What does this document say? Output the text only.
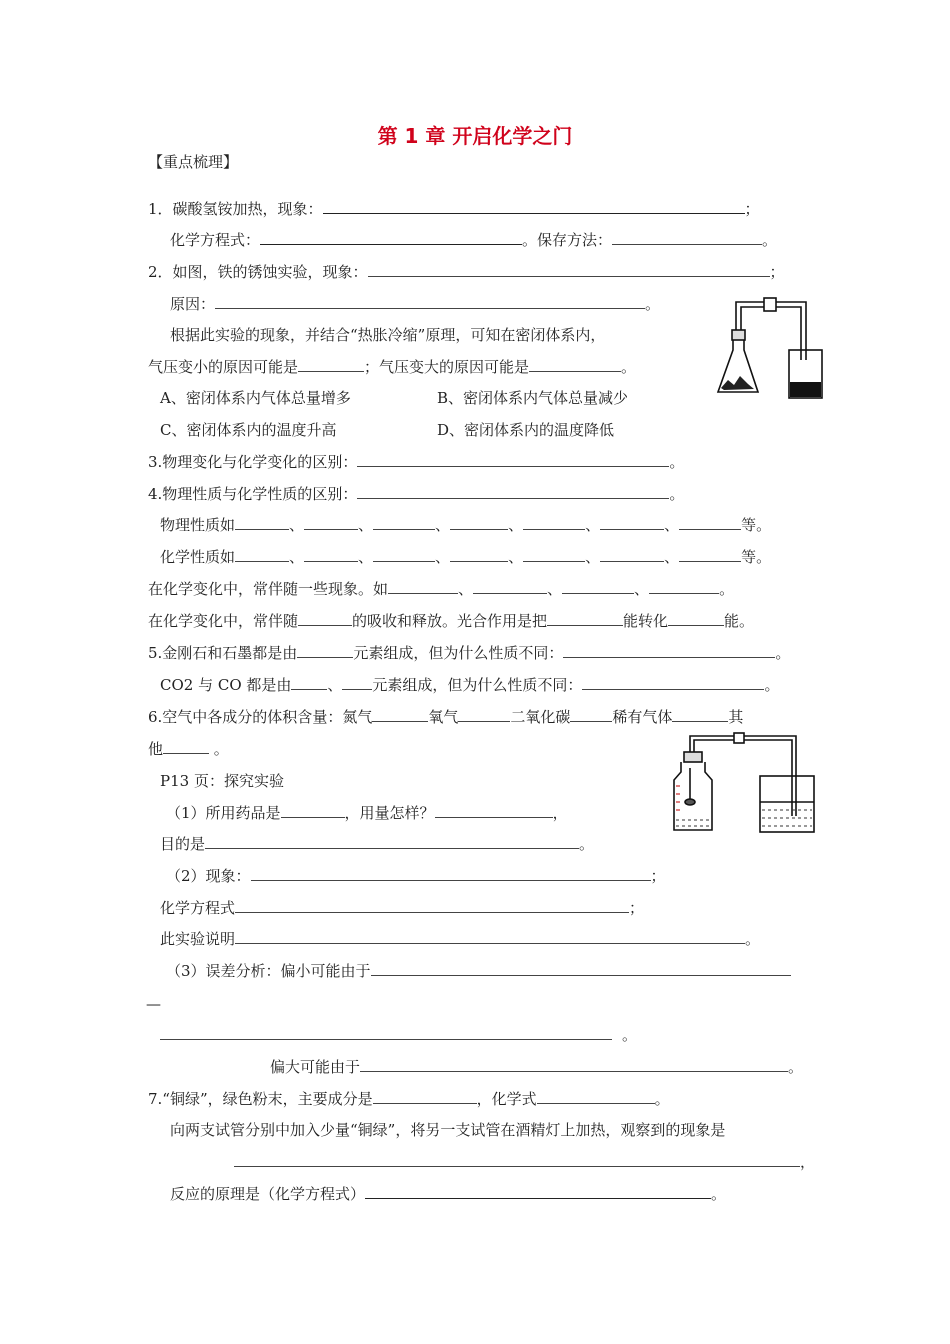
第 1 章 开启化学之门
【重点梳理】
1．碳酸氢铵加热，现象：	；
化学方程式：	。保存方法：	。
2．如图，铁的锈蚀实验，现象：	；
原因：	。
根据此实验的现象，并结合“热胀冷缩”原理，可知在密闭体系内，
气压变小的原因可能是	；气压变大的原因可能是	。
A、密闭体系内气体总量增多	B、密闭体系内气体总量减少
C、密闭体系内的温度升高	D、密闭体系内的温度降低
3.物理变化与化学变化的区别：	。
4.物理性质与化学性质的区别：	。
物理性质如	、	、	、	、	、	、	等。
化学性质如	、	、	、	、	、	、	等。
在化学变化中，常伴随一些现象。如	、	、	、	。
在化学变化中，常伴随	的吸收和释放。光合作用是把	能转化	能。
5.金刚石和石墨都是由	元素组成，但为什么性质不同：	。
CO2 与 CO 都是由 、 元素组成，但为什么性质不同：	。
6.空气中各成分的体积含量：氮气	氧气	二氧化碳	稀有气体	其
他	。
P13 页：探究实验
（1）所用药品是	，用量怎样？	，
目的是	。
（2）现象：	；
化学方程式	；
此实验说明	。
（3）误差分析：偏小可能由于
—
。
偏大可能由于	。
7.“铜绿”，绿色粉末，主要成分是	，化学式	。
向两支试管分别中加入少量“铜绿”，将另一支试管在酒精灯上加热，观察到的现象是
，
反应的原理是（化学方程式）	。
